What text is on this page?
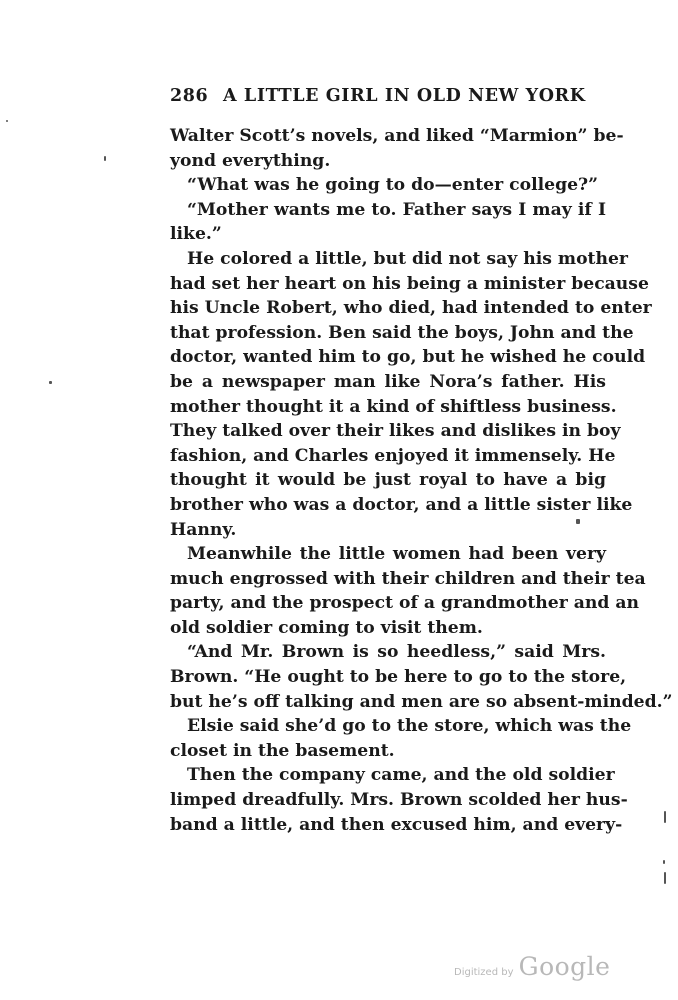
286 A LITTLE GIRL IN OLD NEW YORK
Walter Scott’s novels, and liked “Marmion” be-
yond everything.
“What was he going to do—enter college?”
“Mother wants me to. Father says I may if I
like.”
He colored a little, but did not say his mother
had set her heart on his being a minister because
his Uncle Robert, who died, had intended to enter
that profession. Ben said the boys, John and the
doctor, wanted him to go, but he wished he could
be a newspaper man like Nora’s father. His
mother thought it a kind of shiftless business.
They talked over their likes and dislikes in boy
fashion, and Charles enjoyed it immensely. He
thought it would be just royal to have a big
brother who was a doctor, and a little sister like
Hanny.
Meanwhile the little women had been very
much engrossed with their children and their tea
party, and the prospect of a grandmother and an
old soldier coming to visit them.
“And Mr. Brown is so heedless,” said Mrs.
Brown. “He ought to be here to go to the store,
but he’s off talking and men are so absent-minded.”
Elsie said she’d go to the store, which was the
closet in the basement.
Then the company came, and the old soldier
limped dreadfully. Mrs. Brown scolded her hus-
band a little, and then excused him, and every-
Digitized by Google
